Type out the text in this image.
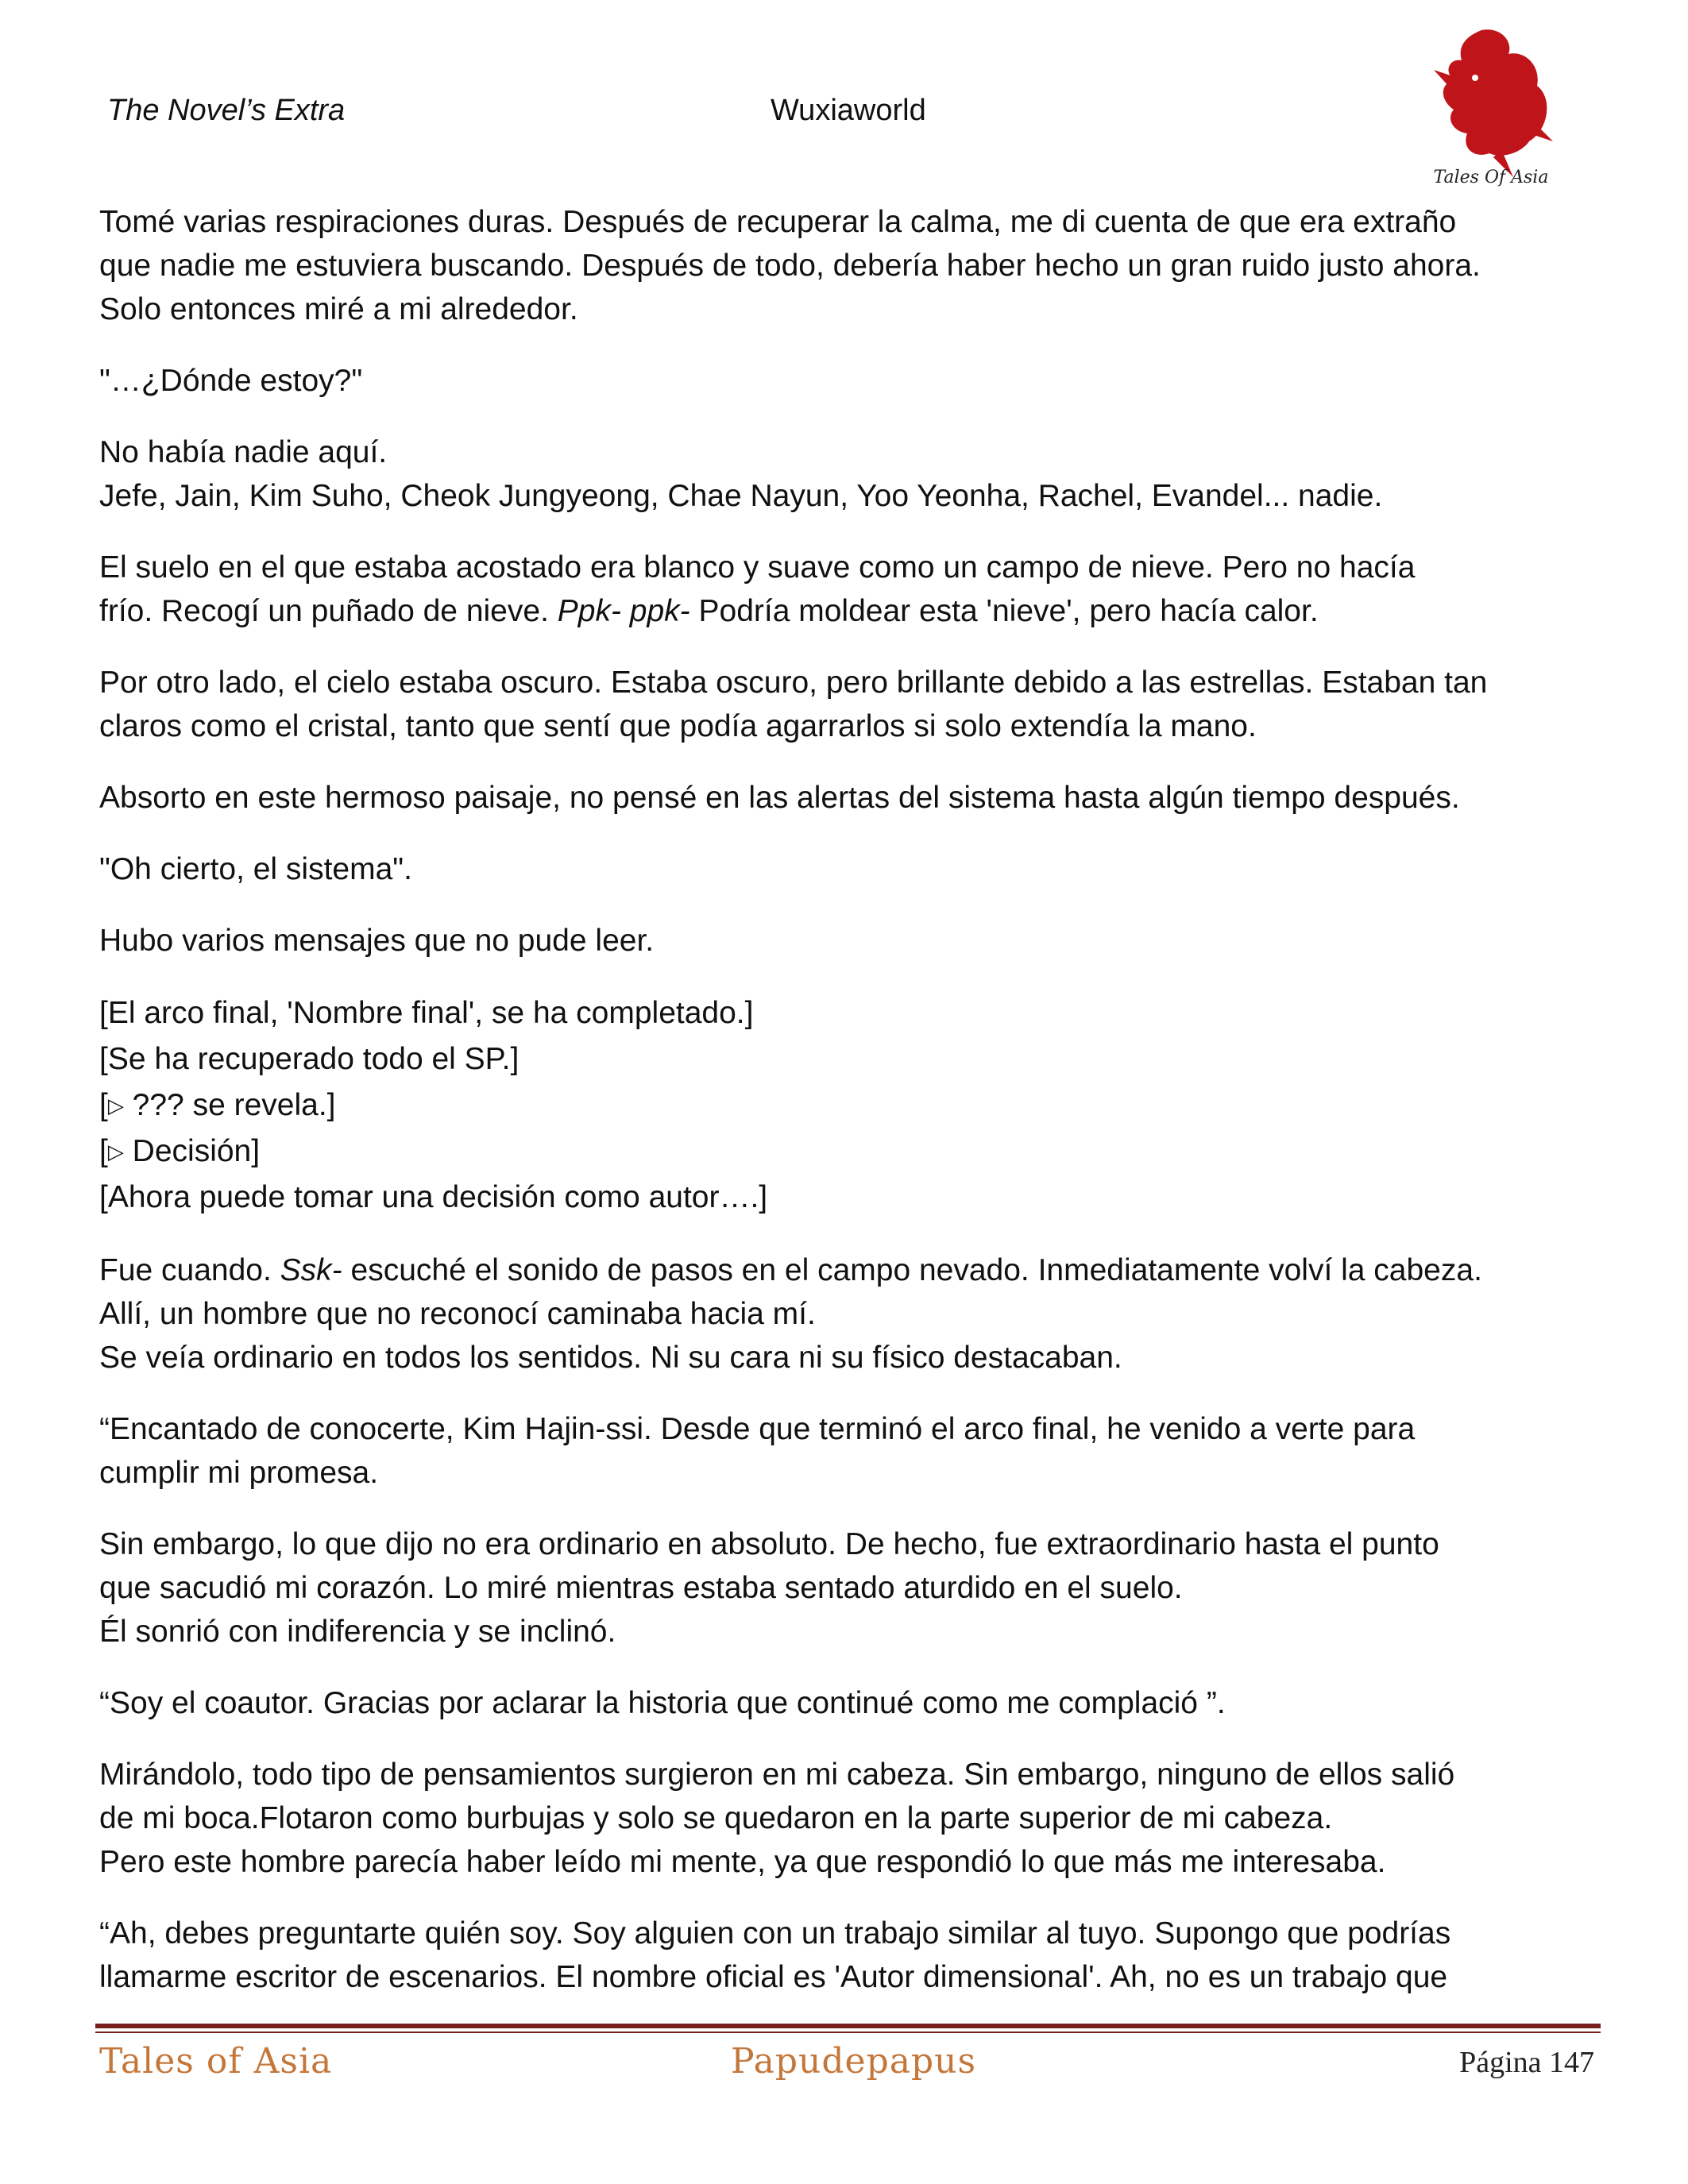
The Novel’s Extra	Wuxiaworld
Tales Of Asia

Tomé varias respiraciones duras. Después de recuperar la calma, me di cuenta de que era extraño
que nadie me estuviera buscando. Después de todo, debería haber hecho un gran ruido justo ahora.
Solo entonces miré a mi alrededor.

"…¿Dónde estoy?"

No había nadie aquí.
Jefe, Jain, Kim Suho, Cheok Jungyeong, Chae Nayun, Yoo Yeonha, Rachel, Evandel... nadie.

El suelo en el que estaba acostado era blanco y suave como un campo de nieve. Pero no hacía
frío. Recogí un puñado de nieve. Ppk- ppk- Podría moldear esta 'nieve', pero hacía calor.

Por otro lado, el cielo estaba oscuro. Estaba oscuro, pero brillante debido a las estrellas. Estaban tan
claros como el cristal, tanto que sentí que podía agarrarlos si solo extendía la mano.

Absorto en este hermoso paisaje, no pensé en las alertas del sistema hasta algún tiempo después.

"Oh cierto, el sistema".

Hubo varios mensajes que no pude leer.

[El arco final, 'Nombre final', se ha completado.]
[Se ha recuperado todo el SP.]
[▷ ??? se revela.]
[▷ Decisión]
[Ahora puede tomar una decisión como autor….]

Fue cuando. Ssk- escuché el sonido de pasos en el campo nevado. Inmediatamente volví la cabeza.
Allí, un hombre que no reconocí caminaba hacia mí.
Se veía ordinario en todos los sentidos. Ni su cara ni su físico destacaban.

“Encantado de conocerte, Kim Hajin-ssi. Desde que terminó el arco final, he venido a verte para
cumplir mi promesa.

Sin embargo, lo que dijo no era ordinario en absoluto. De hecho, fue extraordinario hasta el punto
que sacudió mi corazón. Lo miré mientras estaba sentado aturdido en el suelo.
Él sonrió con indiferencia y se inclinó.

“Soy el coautor. Gracias por aclarar la historia que continué como me complació ”.

Mirándolo, todo tipo de pensamientos surgieron en mi cabeza. Sin embargo, ninguno de ellos salió
de mi boca.Flotaron como burbujas y solo se quedaron en la parte superior de mi cabeza.
Pero este hombre parecía haber leído mi mente, ya que respondió lo que más me interesaba.

“Ah, debes preguntarte quién soy. Soy alguien con un trabajo similar al tuyo. Supongo que podrías
llamarme escritor de escenarios. El nombre oficial es 'Autor dimensional'. Ah, no es un trabajo que

Tales of Asia	Papudepapus	Página 147
